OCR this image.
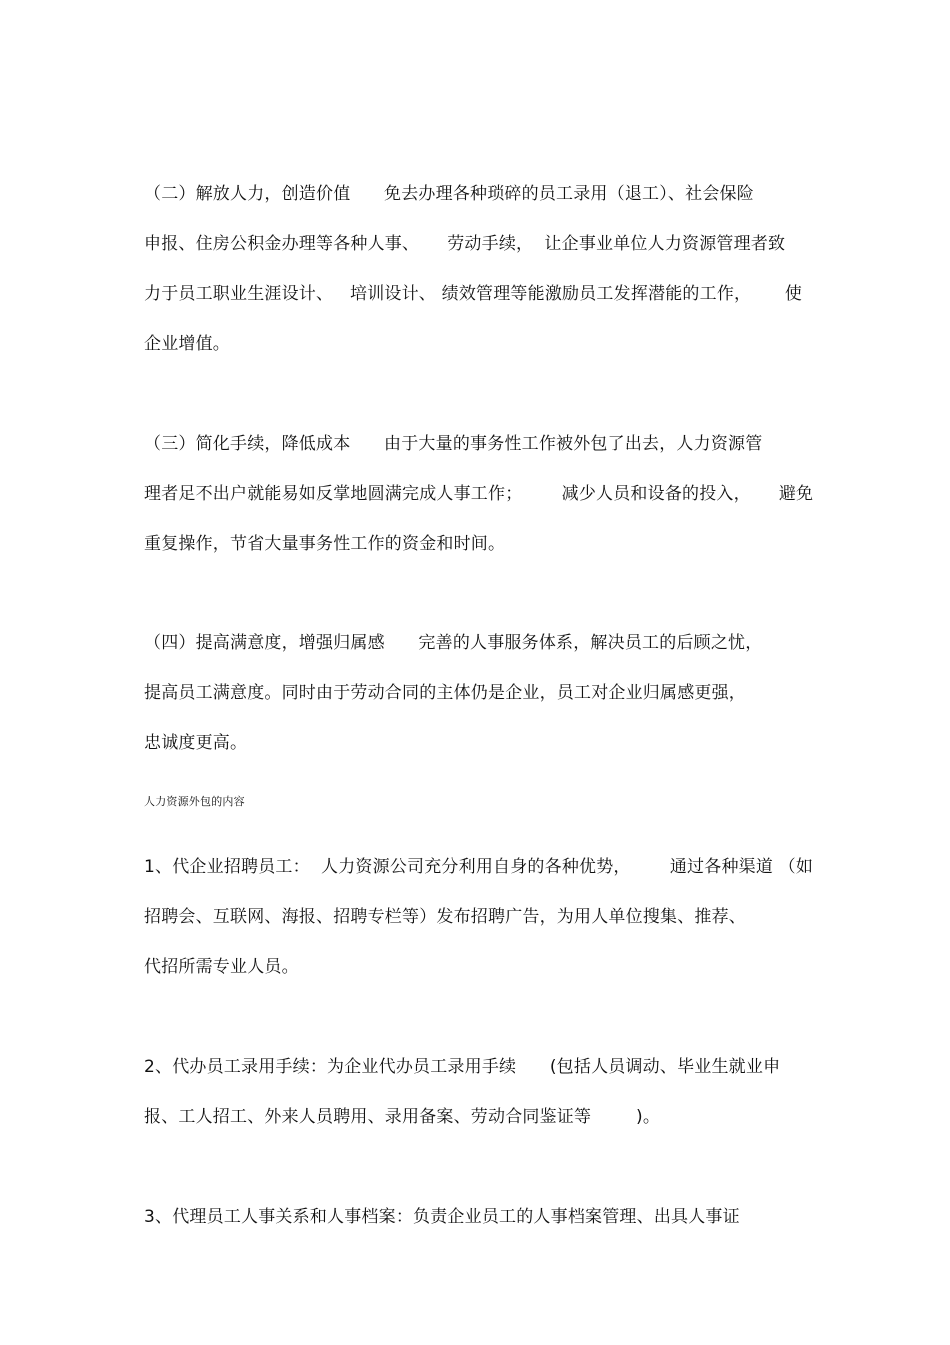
（二）解放人力，创造价值      免去办理各种琐碎的员工录用（退工）、社会保险
申报、住房公积金办理等各种人事、     劳动手续，  让企事业单位人力资源管理者致
力于员工职业生涯设计、   培训设计、 绩效管理等能激励员工发挥潜能的工作，      使
企业增值。
（三）简化手续，降低成本      由于大量的事务性工作被外包了出去，人力资源管
理者足不出户就能易如反掌地圆满完成人事工作；       减少人员和设备的投入，     避免
重复操作，节省大量事务性工作的资金和时间。
（四）提高满意度，增强归属感      完善的人事服务体系，解决员工的后顾之忧，
提高员工满意度。同时由于劳动合同的主体仍是企业，员工对企业归属感更强，
忠诚度更高。
人力资源外包的内容
1、代企业招聘员工：  人力资源公司充分利用自身的各种优势，       通过各种渠道 （如
招聘会、互联网、海报、招聘专栏等）发布招聘广告，为用人单位搜集、推荐、
代招所需专业人员。
2、代办员工录用手续：为企业代办员工录用手续      (包括人员调动、毕业生就业申
报、工人招工、外来人员聘用、录用备案、劳动合同鉴证等        )。
3、代理员工人事关系和人事档案：负责企业员工的人事档案管理、出具人事证
